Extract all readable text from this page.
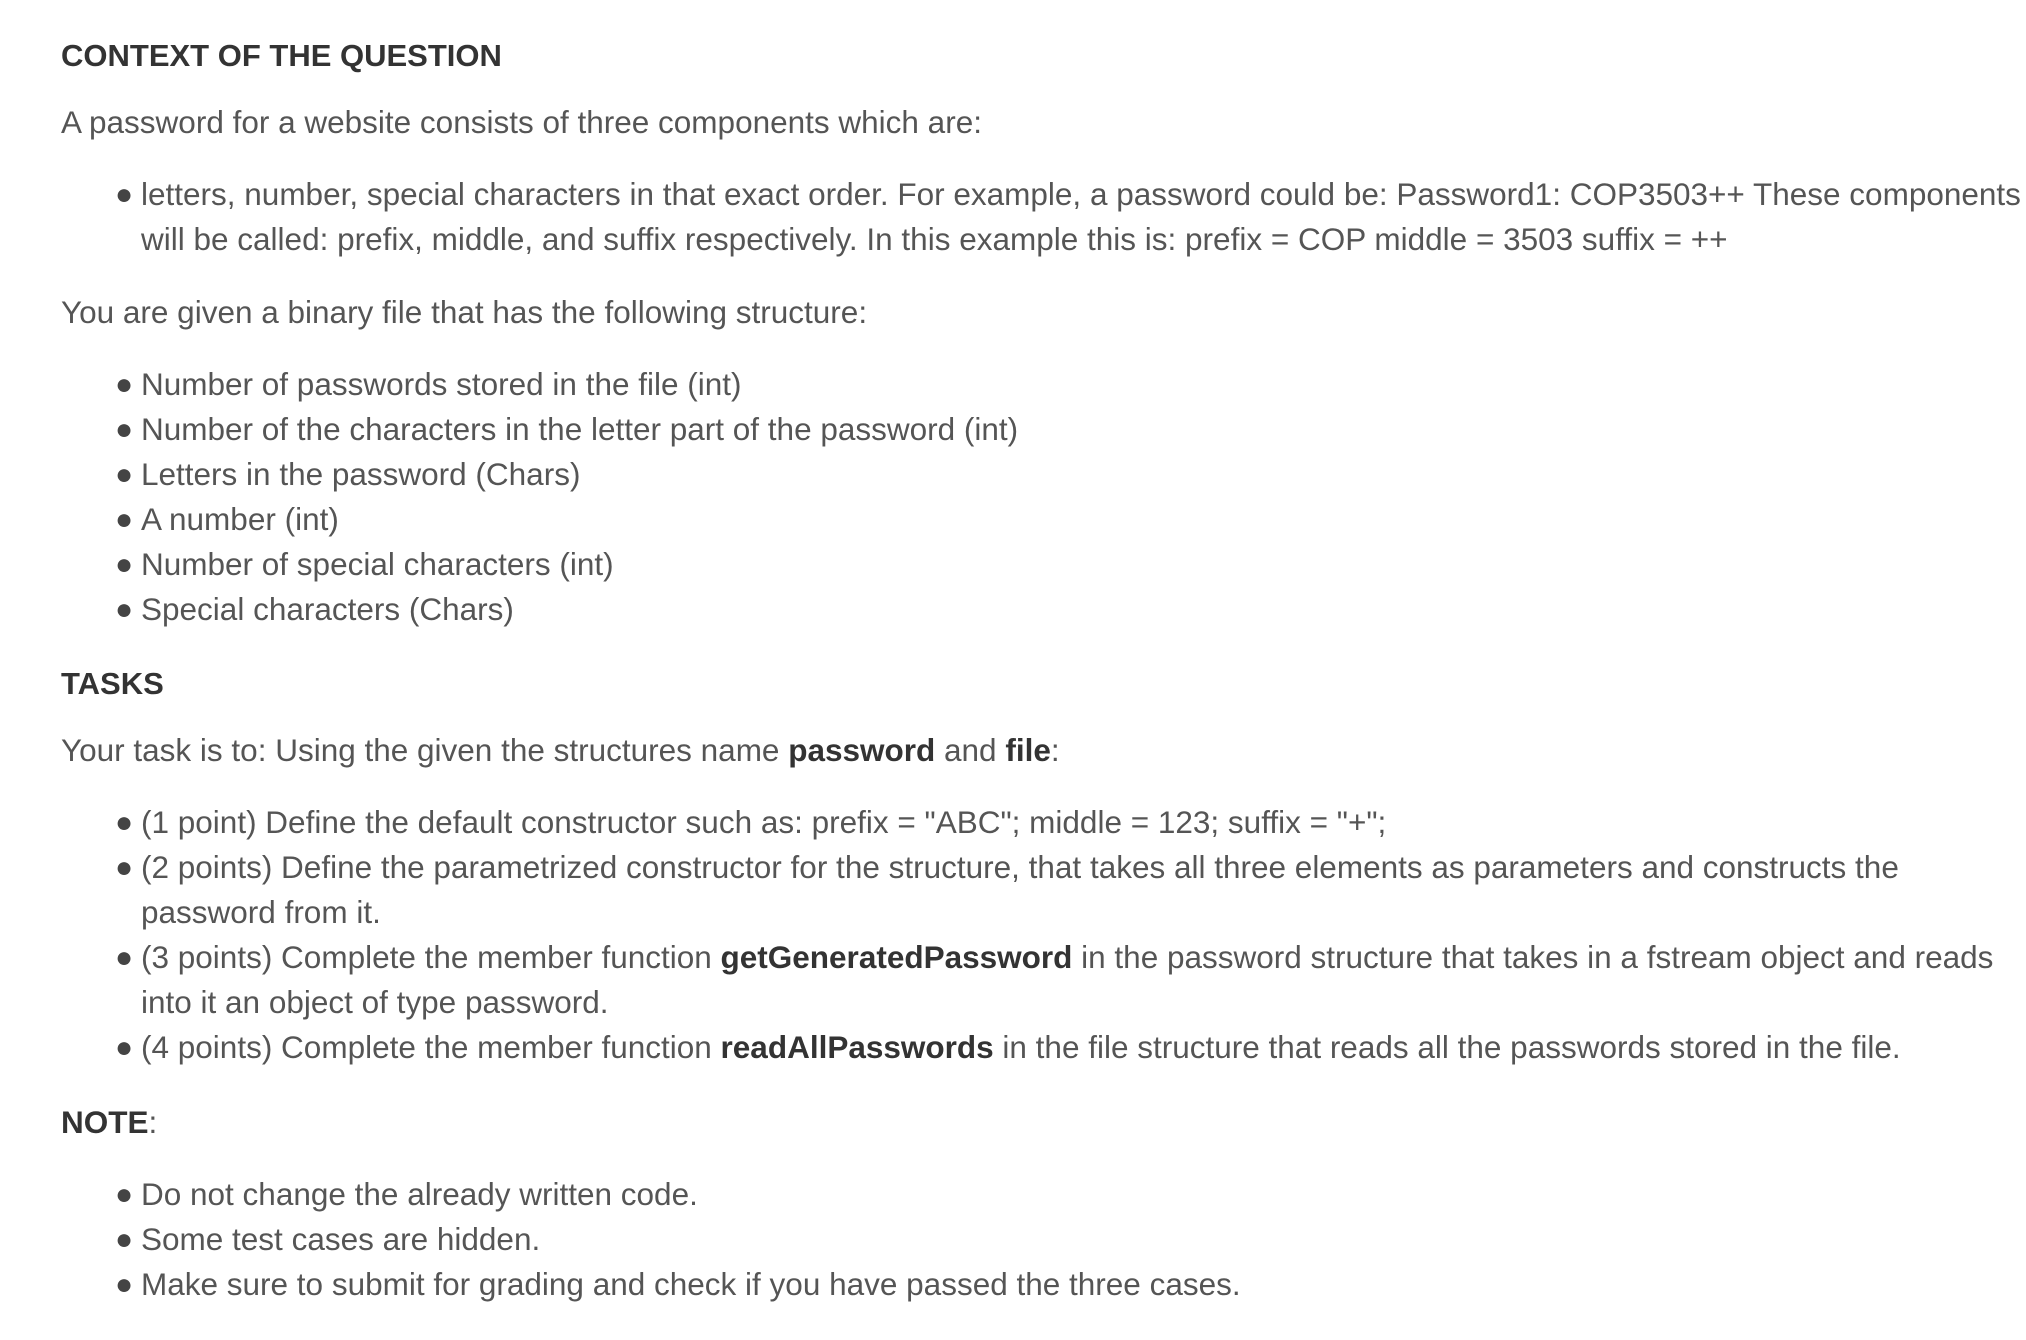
CONTEXT OF THE QUESTION

A password for a website consists of three components which are:

● letters, number, special characters in that exact order. For example, a password could be: Password1: COP3503++ These components will be called: prefix, middle, and suffix respectively. In this example this is: prefix = COP middle = 3503 suffix = ++

You are given a binary file that has the following structure:

● Number of passwords stored in the file (int)
● Number of the characters in the letter part of the password (int)
● Letters in the password (Chars)
● A number (int)
● Number of special characters (int)
● Special characters (Chars)

TASKS

Your task is to: Using the given the structures name password and file:

● (1 point) Define the default constructor such as: prefix = "ABC"; middle = 123; suffix = "+";
● (2 points) Define the parametrized constructor for the structure, that takes all three elements as parameters and constructs the password from it.
● (3 points) Complete the member function getGeneratedPassword in the password structure that takes in a fstream object and reads into it an object of type password.
● (4 points) Complete the member function readAllPasswords in the file structure that reads all the passwords stored in the file.

NOTE:

● Do not change the already written code.
● Some test cases are hidden.
● Make sure to submit for grading and check if you have passed the three cases.
